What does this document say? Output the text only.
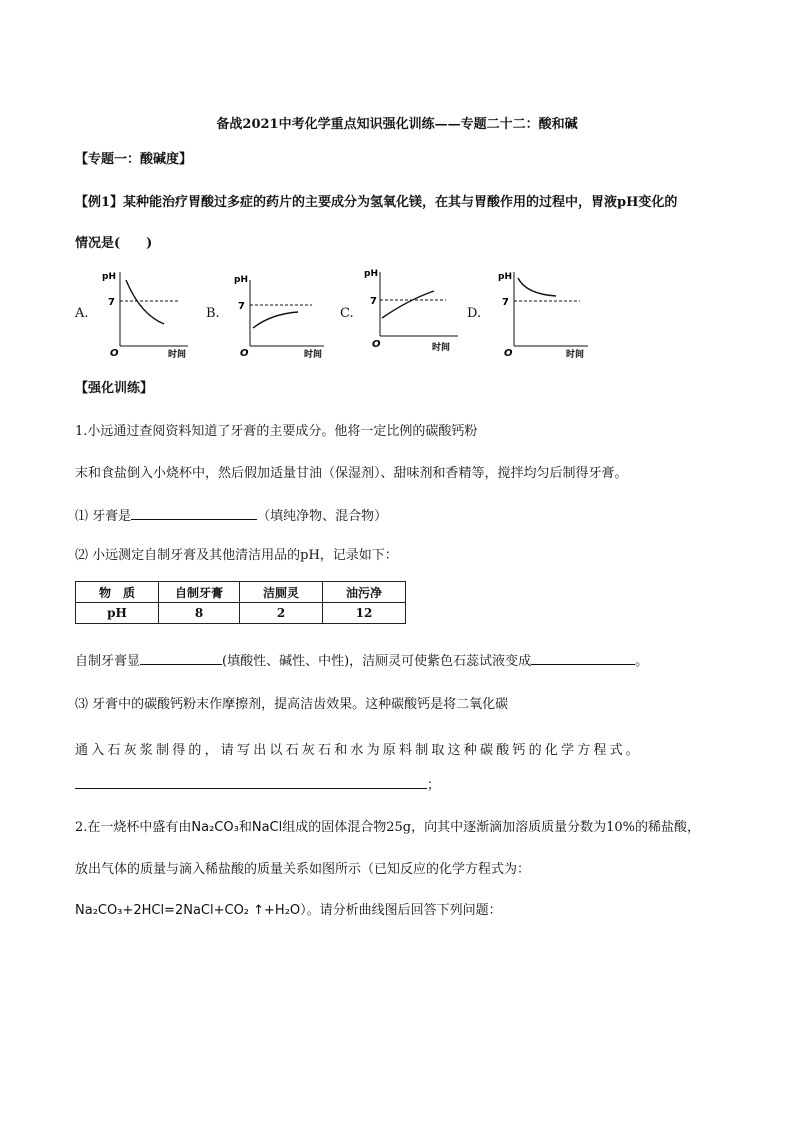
备战2021中考化学重点知识强化训练——专题二十二：酸和碱
【专题一：酸碱度】
【例1】某种能治疗胃酸过多症的药片的主要成分为氢氧化镁，在其与胃酸作用的过程中，胃液pH变化的
情况是(　　)
A.
pH
7
O	时间
B.
pH
7
O	时间
C.
pH
7
O	时间
D.
pH
7
O	时间
【强化训练】
1.小远通过查阅资料知道了牙膏的主要成分。他将一定比例的碳酸钙粉
末和食盐倒入小烧杯中，然后假加适量甘油（保湿剂）、甜味剂和香精等，搅拌均匀后制得牙膏。
⑴ 牙膏是	（填纯净物、混合物）
⑵ 小远测定自制牙膏及其他清洁用品的pH，记录如下：
物　质	自制牙膏	洁厕灵	油污净
pH	8	2	12
自制牙膏显	(填酸性、碱性、中性)，洁厕灵可使紫色石蕊试液变成	。
⑶ 牙膏中的碳酸钙粉末作摩擦剂，提高洁齿效果。这种碳酸钙是将二氧化碳
通入石灰浆制得的，请写出以石灰石和水为原料制取这种碳酸钙的化学方程式。
；
2.在一烧杯中盛有由Na₂CO₃和NaCl组成的固体混合物25g，向其中逐渐滴加溶质质量分数为10%的稀盐酸，
放出气体的质量与滴入稀盐酸的质量关系如图所示（已知反应的化学方程式为：
Na₂CO₃+2HCl=2NaCl+CO₂ ↑+H₂O）。请分析曲线图后回答下列问题：
